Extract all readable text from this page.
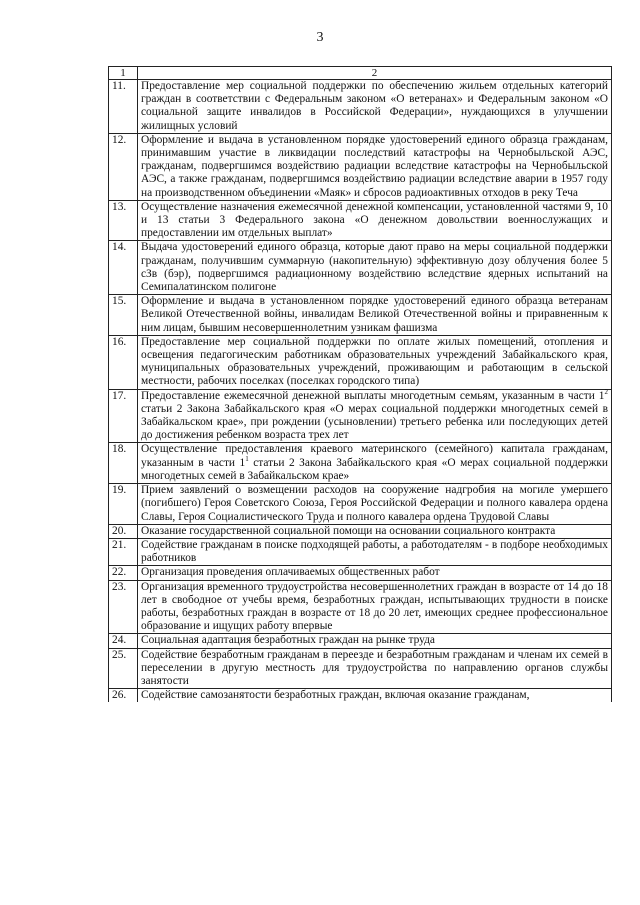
3
1	2
11.	Предоставление мер социальной поддержки по обеспечению жильем отдельных категорий граждан в соответствии с Федеральным законом «О ветеранах» и Федеральным законом «О социальной защите инвалидов в Российской Федерации», нуждающихся в улучшении жилищных условий
12.	Оформление и выдача в установленном порядке удостоверений единого образца гражданам, принимавшим участие в ликвидации последствий катастрофы на Чернобыльской АЭС, гражданам, подвергшимся воздействию радиации вследствие катастрофы на Чернобыльской АЭС, а также гражданам, подвергшимся воздействию радиации вследствие аварии в 1957 году на производственном объединении «Маяк» и сбросов радиоактивных отходов в реку Теча
13.	Осуществление назначения ежемесячной денежной компенсации, установленной частями 9, 10 и 13 статьи 3 Федерального закона «О денежном довольствии военнослужащих и предоставлении им отдельных выплат»
14.	Выдача удостоверений единого образца, которые дают право на меры социальной поддержки гражданам, получившим суммарную (накопительную) эффективную дозу облучения более 5 сЗв (бэр), подвергшимся радиационному воздействию вследствие ядерных испытаний на Семипалатинском полигоне
15.	Оформление и выдача в установленном порядке удостоверений единого образца ветеранам Великой Отечественной войны, инвалидам Великой Отечественной войны и приравненным к ним лицам, бывшим несовершеннолетним узникам фашизма
16.	Предоставление мер социальной поддержки по оплате жилых помещений, отопления и освещения педагогическим работникам образовательных учреждений Забайкальского края, муниципальных образовательных учреждений, проживающим и работающим в сельской местности, рабочих поселках (поселках городского типа)
17.	Предоставление ежемесячной денежной выплаты многодетным семьям, указанным в части $1^2$ статьи 2 Закона Забайкальского края «О мерах социальной поддержки многодетных семей в Забайкальском крае», при рождении (усыновлении) третьего ребенка или последующих детей до достижения ребенком возраста трех лет
18.	Осуществление предоставления краевого материнского (семейного) капитала гражданам, указанным в части $1^1$ статьи 2 Закона Забайкальского края «О мерах социальной поддержки многодетных семей в Забайкальском крае»
19.	Прием заявлений о возмещении расходов на сооружение надгробия на могиле умершего (погибшего) Героя Советского Союза, Героя Российской Федерации и полного кавалера ордена Славы, Героя Социалистического Труда и полного кавалера ордена Трудовой Славы
20.	Оказание государственной социальной помощи на основании социального контракта
21.	Содействие гражданам в поиске подходящей работы, а работодателям - в подборе необходимых работников
22.	Организация проведения оплачиваемых общественных работ
23.	Организация временного трудоустройства несовершеннолетних граждан в возрасте от 14 до 18 лет в свободное от учебы время, безработных граждан, испытывающих трудности в поиске работы, безработных граждан в возрасте от 18 до 20 лет, имеющих среднее профессиональное образование и ищущих работу впервые
24.	Социальная адаптация безработных граждан на рынке труда
25.	Содействие безработным гражданам в переезде и безработным гражданам и членам их семей в переселении в другую местность для трудоустройства по направлению органов службы занятости
26.	Содействие самозанятости безработных граждан, включая оказание гражданам,
